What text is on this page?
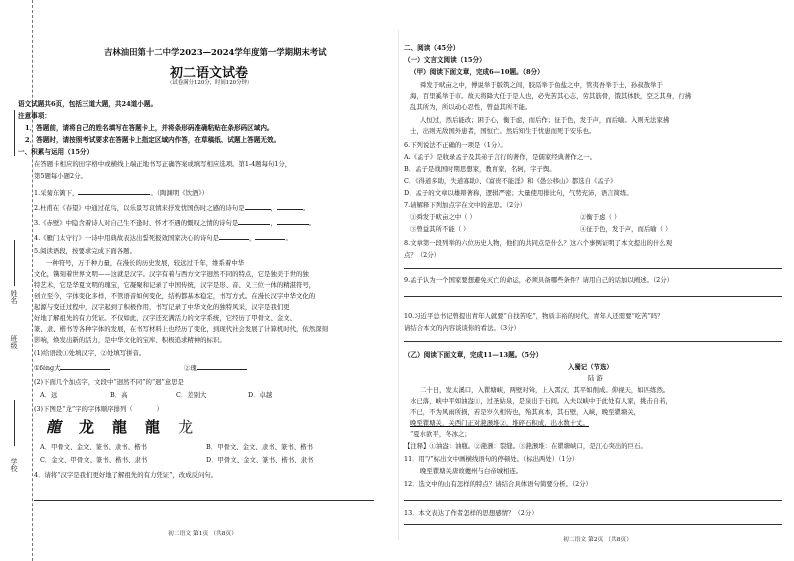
姓名
班级
学校
吉林油田第十二中学2023—2024学年度第一学期期末考试
初二语文试卷
（试卷满分120分，时间120分钟）
语文试题共6页，包括三道大题，共24道小题。
注意事项：
1．答题前，请将自己的姓名填写在答题卡上，并将条形码准确粘贴在条形码区域内。
2．答题时，请按照考试要求在答题卡上指定区域内作答，在草稿纸、试题上答题无效。
一、积累与运用（15分）
在答题卡相应的田字格中或横线上端正地书写正确答案或填写相应选项。第1-4题每句1分，
第5题每小题2分。
1.采菊东篱下，	。（陶渊明《饮酒》）
2.杜甫在《春望》中通过花鸟，以乐景写哀情来抒发忧国伤时之感的诗句是	，	。
3.《赤壁》中隐含着诗人对自己生不逢时、怀才不遇的慨叹之情的诗句是	，	。
4.《雁门太守行》一诗中用典故表达出誓死报效国家决心的诗句是	，	。
5.阅读语段，按要求完成下面各题。
一种符号，万千种力量，在漫长的历史发展，较远过千年，维系着中华
文化，镌刻着世界文明——这就是汉字。汉字有着与西方文字迥然不同的特点，它是独美于世的独
特艺术，它是华夏文明的瑰宝，它凝聚和记录了中国传统，汉字是形、音、义三位一体的精湛符号，
创立至今，字体变化多样，不管语音如何变化，结构都基本稳定，书写方式。在漫长汉字中华文化的
起源与变迁过程中，汉字起到了积极作用，书写记录了中华文化的独特风采，汉字是我们更
好地了解祖先的有力凭证。不仅如此，汉字还充满活力的文字系统，它经历了甲骨文、金文、
篆、隶、楷书等各种字体的发展，在书写材料上也经历了变化，到现代社会发展了计算机时代，依然深刻
影响，焕发出新的活力，是中华文化的宝库、积极追求精神的标识。
(1)给语段①处填汉字，②处填写拼音。
①féng大	②瑰
(2)下面几个加点字，文段中“迥然不同”的“迥”意思是
A．远	B．高	C．差别大	D．卓越
(3)下图是“龙”字的字体顺序排列（	）
龍 龙 龍 龍 龙
A．甲骨文、金文、篆书、隶书、楷书	B．甲骨文、金文、隶书、篆书、楷书
C．金文、甲骨文、篆书、楷书、隶书	D．甲骨文、金文、篆书、楷书、隶书
4．请将“汉字是我们更好地了解祖先的有力凭证”，改成反问句。
初二语文 第1页 （共8页）
二、阅读（45分）
（一）文言文阅读（15分）
（甲）阅读下面文章，完成6—10题。（8分）
舜发于畎亩之中，傅说举于版筑之间，胶鬲举于鱼盐之中，管夷吾举于士，孙叔敖举于
海，百里奚举于市。故天将降大任于是人也，必先苦其心志，劳其筋骨，饿其体肤，空乏其身，行拂
乱其所为，所以动心忍性，曾益其所不能。
人恒过，然后能改；困于心，衡于虑，而后作；征于色，发于声，而后喻。入则无法家拂
士，出则无敌国外患者，国恒亡。然后知生于忧患而死于安乐也。
6.下列说法不正确的一项是（1分）。
A.《孟子》是收录孟子及其弟子言行的著作，是儒家经典著作之一。
B．孟子是战国时期思想家，教育家，名轲，字子舆。
C．《得道多助，失道寡助》、《富贵不能淫》和《愚公移山》都选自《孟子》
D．孟子的文章以雄辩著称，逻辑严密；大量使用排比句，气势充沛，语言简练。
7.请解释下列加点字在文中的意思。（2分）
①舜发于畎亩之中（ ）	②衡于虑（ ）
③曾益其所不能（ ）	④征于色，发于声，而后喻（ ）
8.文章第一段列举的六位历史人物，他们的共同点是什么？这六个事例证明了本文提出的什么观
点？（2分）
9.孟子认为一个国家要想避免灭亡的命运，必须具备哪些条件？请用自己的话加以阐述。（2分）
10.习近平总书记曾提出青年人就要“自找苦吃”，物质丰裕的时代，青年人还需要“吃苦”吗？
请结合本文的内容谈谈你的看法。（3分）
（乙）阅读下面文章，完成11—13题。（5分）
入蜀记（节选）
陆 游
二十日，发太溪口，入瞿塘峡，两壁对耸，上入霄汉，其平如削成。仰视天，如匹练然。
水已落，峡中平如油盎①，过圣姑泉，是泉出于石间。入夫以峡中于此处有人家，挑击自若，
不已，不为风雨所损，若是岁久相传也，殆其真本，其石壁，入峡，晚至瞿塘关，
晚至瞿塘关，关西门正对滟滪堆②，堆碎石积成，出水数十丈。
“夏水欲平，冬冰之；
【注释】①油盎：油瓶。②滟滪：裂缝。③滟滪堆：在瞿塘峡口，是江心突出的巨石。
11．用“/”标出文中画横线语句的停顿处。（标出两处）（1分）
晚至瞿塘关唐故夔州与白帝城相连。
12．选文中的山有怎样的特点？请结合具体语句简要分析。（2分）
13．本文表达了作者怎样的思想感情？（2分）
初二语文 第2页 （共8页）
